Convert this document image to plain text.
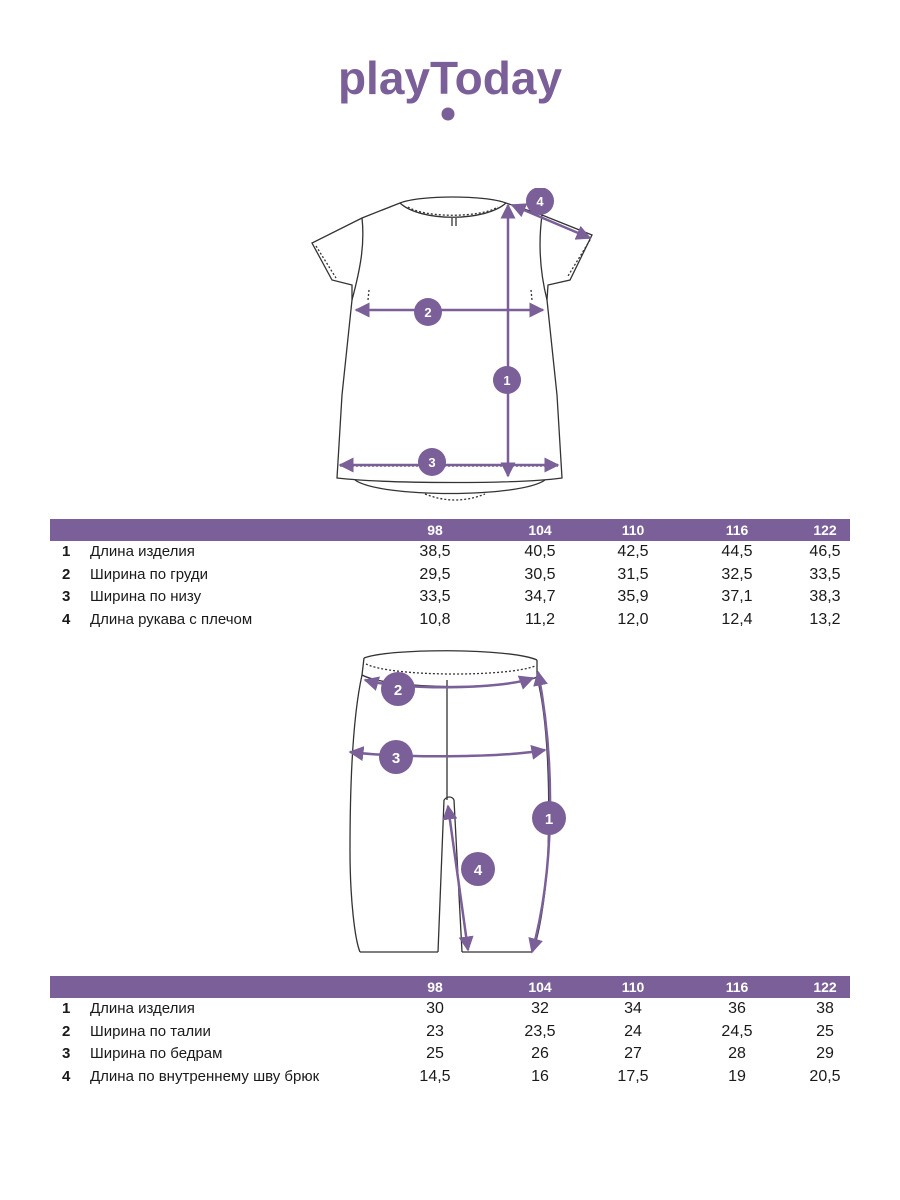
playToday
1
2
3
4
98	104	110	116	122
1 Длина изделия	38,5	40,5	42,5	44,5	46,5
2 Ширина по груди	29,5	30,5	31,5	32,5	33,5
3 Ширина по низу	33,5	34,7	35,9	37,1	38,3
4 Длина рукава с плечом	10,8	11,2	12,0	12,4	13,2
1
2
3
4
98	104	110	116	122
1 Длина изделия	30	32	34	36	38
2 Ширина по талии	23	23,5	24	24,5	25
3 Ширина по бедрам	25	26	27	28	29
4 Длина по внутреннему шву брюк	14,5	16	17,5	19	20,5
